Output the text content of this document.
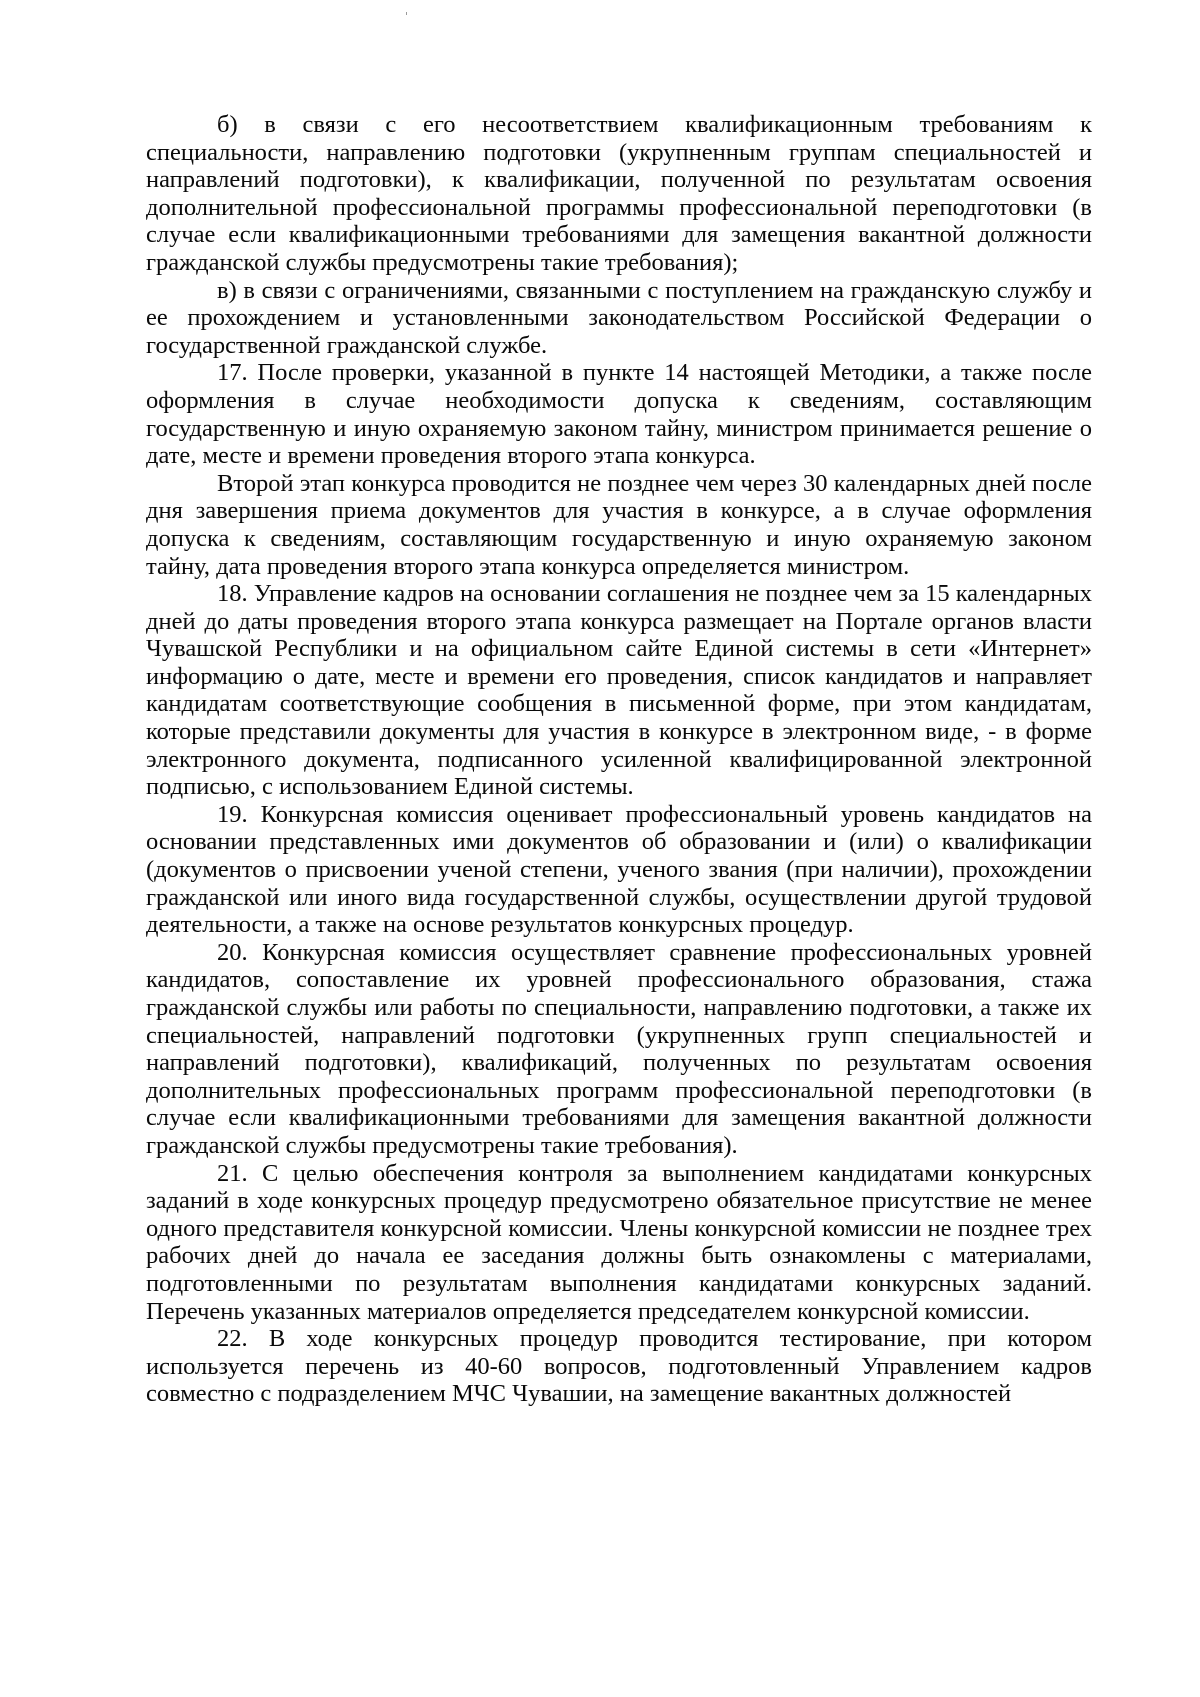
б) в связи с его несоответствием квалификационным требованиям к специальности, направлению подготовки (укрупненным группам специальностей и направлений подготовки), к квалификации, полученной по результатам освоения дополнительной профессиональной программы профессиональной переподготовки (в случае если квалификационными требованиями для замещения вакантной должности гражданской службы предусмотрены такие требования);

в) в связи с ограничениями, связанными с поступлением на гражданскую службу и ее прохождением и установленными законодательством Российской Федерации о государственной гражданской службе.

17. После проверки, указанной в пункте 14 настоящей Методики, а также после оформления в случае необходимости допуска к сведениям, составляющим государственную и иную охраняемую законом тайну, министром принимается решение о дате, месте и времени проведения второго этапа конкурса.

Второй этап конкурса проводится не позднее чем через 30 календарных дней после дня завершения приема документов для участия в конкурсе, а в случае оформления допуска к сведениям, составляющим государственную и иную охраняемую законом тайну, дата проведения второго этапа конкурса определяется министром.

18. Управление кадров на основании соглашения не позднее чем за 15 календарных дней до даты проведения второго этапа конкурса размещает на Портале органов власти Чувашской Республики и на официальном сайте Единой системы в сети «Интернет» информацию о дате, месте и времени его проведения, список кандидатов и направляет кандидатам соответствующие сообщения в письменной форме, при этом кандидатам, которые представили документы для участия в конкурсе в электронном виде, - в форме электронного документа, подписанного усиленной квалифицированной электронной подписью, с использованием Единой системы.

19. Конкурсная комиссия оценивает профессиональный уровень кандидатов на основании представленных ими документов об образовании и (или) о квалификации (документов о присвоении ученой степени, ученого звания (при наличии), прохождении гражданской или иного вида государственной службы, осуществлении другой трудовой деятельности, а также на основе результатов конкурсных процедур.

20. Конкурсная комиссия осуществляет сравнение профессиональных уровней кандидатов, сопоставление их уровней профессионального образования, стажа гражданской службы или работы по специальности, направлению подготовки, а также их специальностей, направлений подготовки (укрупненных групп специальностей и направлений подготовки), квалификаций, полученных по результатам освоения дополнительных профессиональных программ профессиональной переподготовки (в случае если квалификационными требованиями для замещения вакантной должности гражданской службы предусмотрены такие требования).

21. С целью обеспечения контроля за выполнением кандидатами конкурсных заданий в ходе конкурсных процедур предусмотрено обязательное присутствие не менее одного представителя конкурсной комиссии. Члены конкурсной комиссии не позднее трех рабочих дней до начала ее заседания должны быть ознакомлены с материалами, подготовленными по результатам выполнения кандидатами конкурсных заданий. Перечень указанных материалов определяется председателем конкурсной комиссии.

22. В ходе конкурсных процедур проводится тестирование, при котором используется перечень из 40-60 вопросов, подготовленный Управлением кадров совместно с подразделением МЧС Чувашии, на замещение вакантных должностей
